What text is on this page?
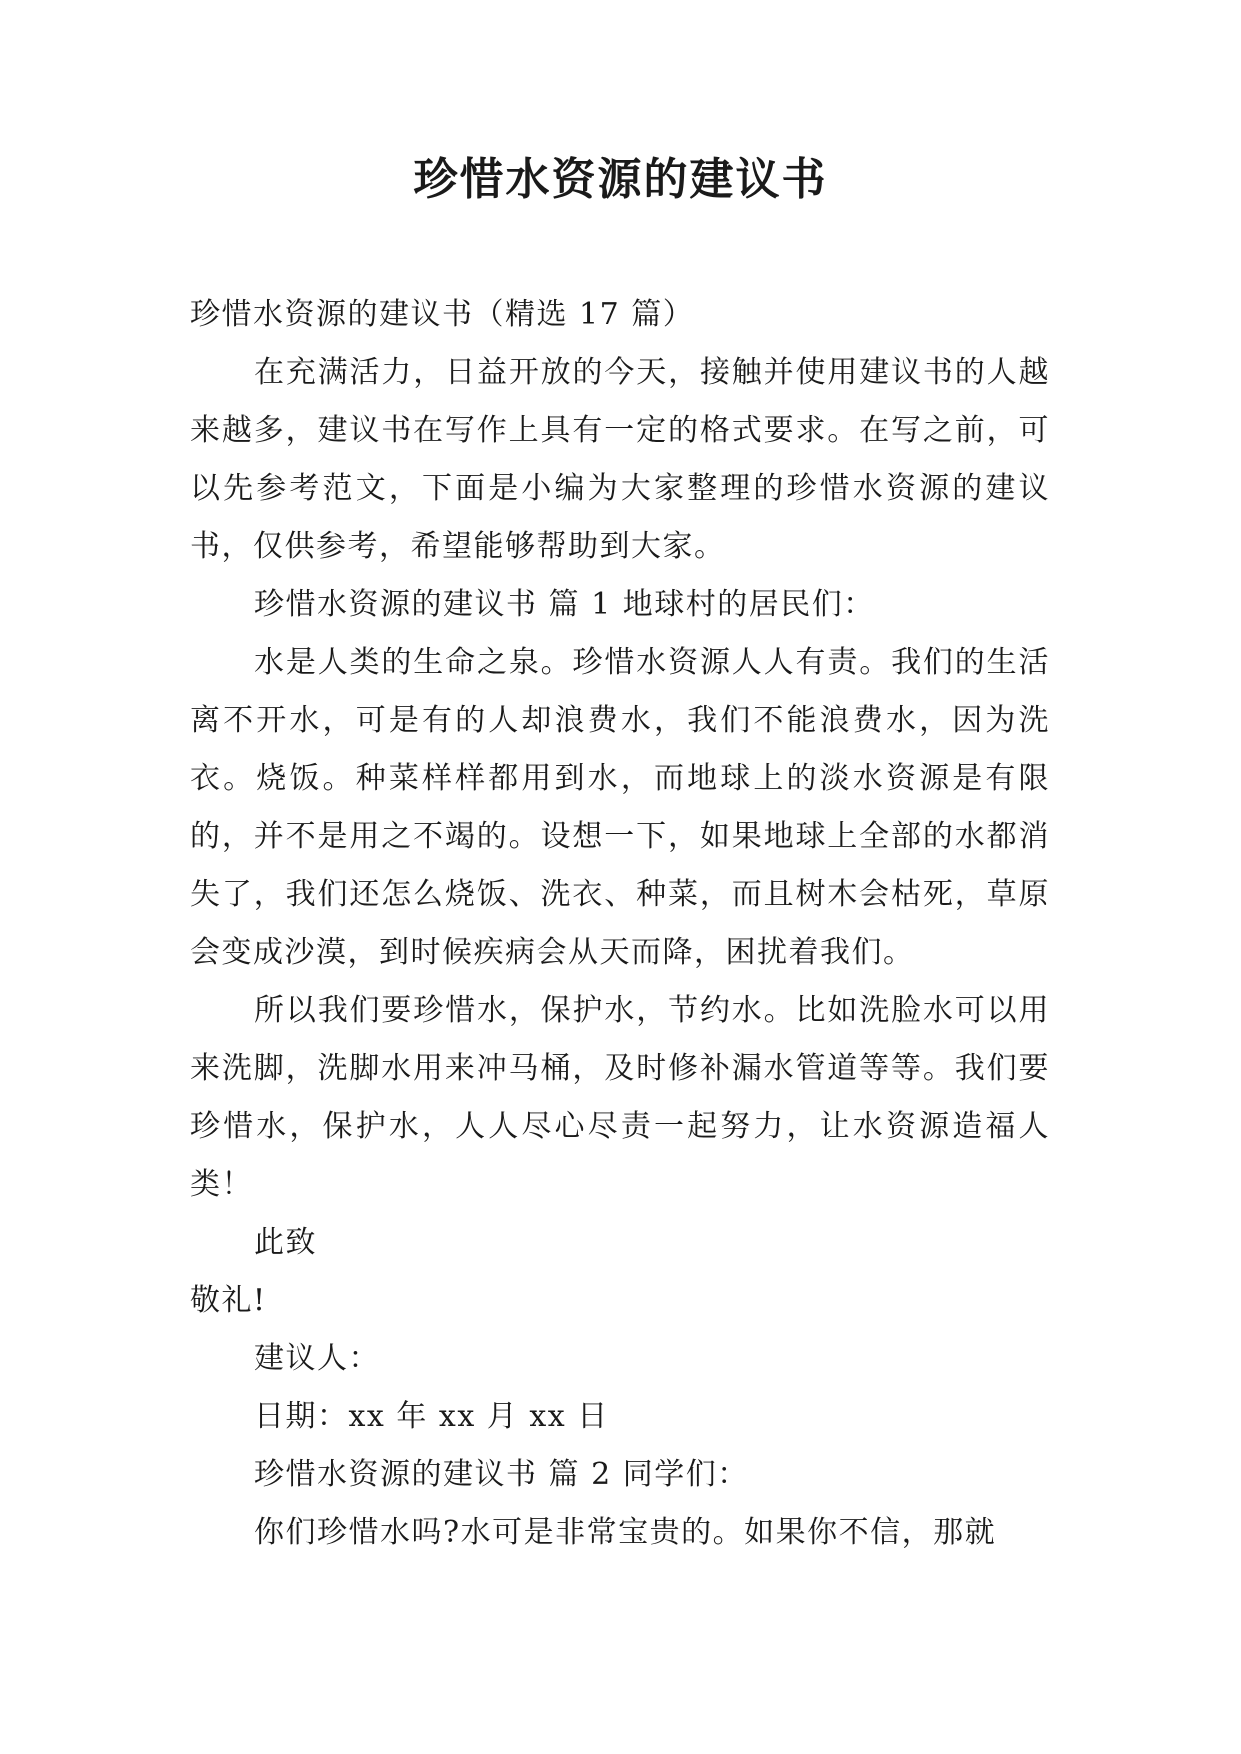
珍惜水资源的建议书

珍惜水资源的建议书（精选 17 篇）

在充满活力，日益开放的今天，接触并使用建议书的人越来越多，建议书在写作上具有一定的格式要求。在写之前，可以先参考范文，下面是小编为大家整理的珍惜水资源的建议书，仅供参考，希望能够帮助到大家。

珍惜水资源的建议书 篇 1 地球村的居民们：

水是人类的生命之泉。珍惜水资源人人有责。我们的生活离不开水，可是有的人却浪费水，我们不能浪费水，因为洗衣。烧饭。种菜样样都用到水，而地球上的淡水资源是有限的，并不是用之不竭的。设想一下，如果地球上全部的水都消失了，我们还怎么烧饭、洗衣、种菜，而且树木会枯死，草原会变成沙漠，到时候疾病会从天而降，困扰着我们。

所以我们要珍惜水，保护水，节约水。比如洗脸水可以用来洗脚，洗脚水用来冲马桶，及时修补漏水管道等等。我们要珍惜水，保护水，人人尽心尽责一起努力，让水资源造福人类！

此致

敬礼!

建议人：

日期：xx 年 xx 月 xx 日

珍惜水资源的建议书 篇 2 同学们：

你们珍惜水吗?水可是非常宝贵的。如果你不信，那就
